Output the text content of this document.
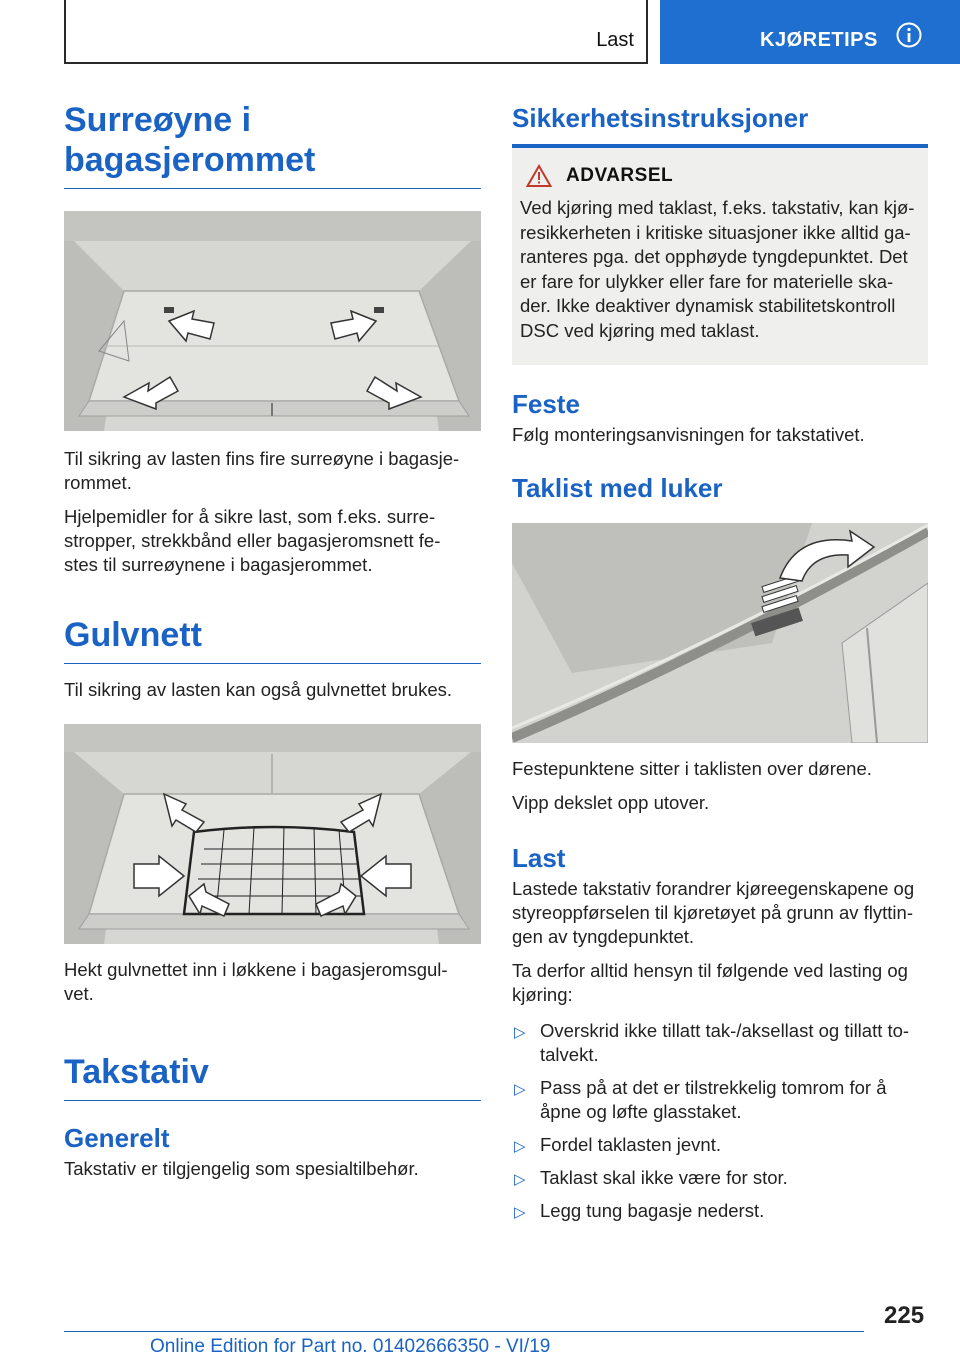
Last	KJØRETIPS
Surreøyne i bagasjerommet

Til sikring av lasten fins fire surreøyne i bagasje-rommet.

Hjelpemidler for å sikre last, som f.eks. surre-stropper, strekkbånd eller bagasjeromsnett fe-stes til surreøynene i bagasjerommet.

Gulvnett

Til sikring av lasten kan også gulvnettet brukes.

Hekt gulvnettet inn i løkkene i bagasjeromsgul-vet.

Takstativ
Generelt

Takstativ er tilgjengelig som spesialtilbehør.

Sikkerhetsinstruksjoner
ADVARSEL

Ved kjøring med taklast, f.eks. takstativ, kan kjø-resikkerheten i kritiske situasjoner ikke alltid ga-ranteres pga. det opphøyde tyngdepunktet. Det er fare for ulykker eller fare for materielle ska-der. Ikke deaktiver dynamisk stabilitetskontroll DSC ved kjøring med taklast.

Feste

Følg monteringsanvisningen for takstativet.

Taklist med luker

Festepunktene sitter i taklisten over dørene.

Vipp dekslet opp utover.

Last

Lastede takstativ forandrer kjøreegenskapene og styreoppførselen til kjøretøyet på grunn av flyttin-gen av tyngdepunktet.

Ta derfor alltid hensyn til følgende ved lasting og kjøring:

▷ Overskrid ikke tillatt tak-/aksellast og tillatt to-talvekt.
▷ Pass på at det er tilstrekkelig tomrom for å åpne og løfte glasstaket.
▷ Fordel taklasten jevnt.
▷ Taklast skal ikke være for stor.
▷ Legg tung bagasje nederst.
225
Online Edition for Part no. 01402666350 - VI/19
